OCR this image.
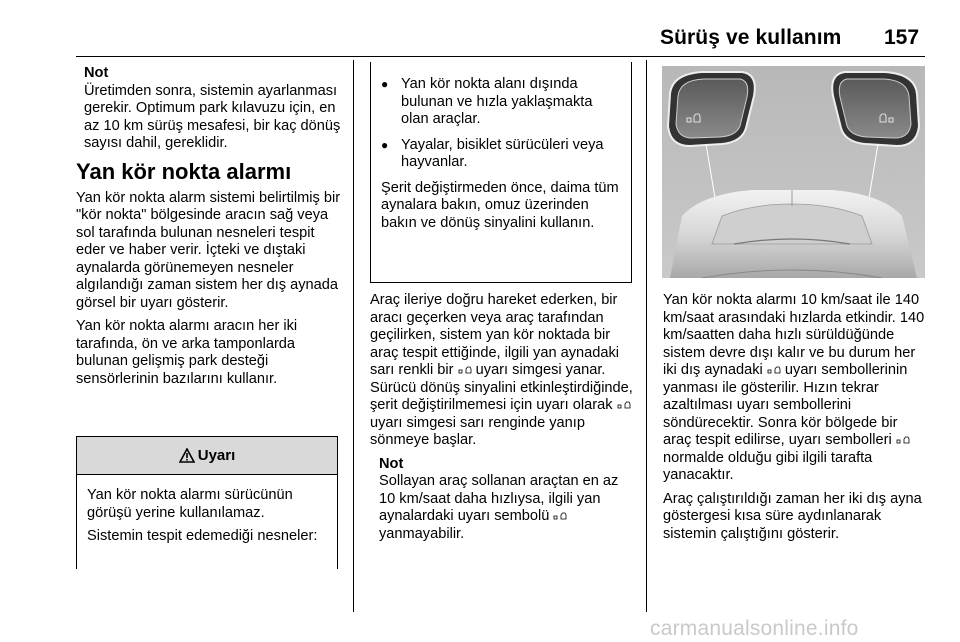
Sürüş ve kullanım 157
Not

Üretimden sonra, sistemin ayarlanması gerekir. Optimum park kılavuzu için, en az 10 km sürüş mesafesi, bir kaç dönüş sayısı dahil, gereklidir.

Yan kör nokta alarmı

Yan kör nokta alarm sistemi belirtilmiş bir "kör nokta" bölgesinde aracın sağ veya sol tarafında bulunan nesneleri tespit eder ve haber verir. İçteki ve dıştaki aynalarda görünemeyen nesneler algılandığı zaman sistem her dış aynada görsel bir uyarı gösterir.

Yan kör nokta alarmı aracın her iki tarafında, ön ve arka tamponlarda bulunan gelişmiş park desteği sensörlerinin bazılarını kullanır.

Uyarı

Yan kör nokta alarmı sürücünün görüşü yerine kullanılamaz.

Sistemin tespit edemediği nesneler:

● Yan kör nokta alanı dışında bulunan ve hızla yaklaşmakta olan araçlar.
● Yayalar, bisiklet sürücüleri veya hayvanlar.

Şerit değiştirmeden önce, daima tüm aynalara bakın, omuz üzerinden bakın ve dönüş sinyalini kullanın.

Araç ileriye doğru hareket ederken, bir aracı geçerken veya araç tarafından geçilirken, sistem yan kör noktada bir araç tespit ettiğinde, ilgili yan aynadaki sarı renkli bir uyarı simgesi yanar. Sürücü dönüş sinyalini etkinleştirdiğinde, şerit değiştirilmemesi için uyarı olarak  uyarı simgesi sarı renginde yanıp sönmeye başlar.

Not

Sollayan araç sollanan araçtan en az 10 km/saat daha hızlıysa, ilgili yan aynalardaki uyarı sembolü  yanmayabilir.

Yan kör nokta alarmı 10 km/saat ile 140 km/saat arasındaki hızlarda etkindir. 140 km/saatten daha hızlı sürüldüğünde sistem devre dışı kalır ve bu durum her iki dış aynadaki uyarı sembollerinin yanması ile gösterilir. Hızın tekrar azaltılması uyarı sembollerini söndürecektir. Sonra kör bölgede bir araç tespit edilirse, uyarı sembolleri  normalde olduğu gibi ilgili tarafta yanacaktır.

Araç çalıştırıldığı zaman her iki dış ayna göstergesi kısa süre aydınlanarak sistemin çalıştığını gösterir.

carmanualsonline.info
